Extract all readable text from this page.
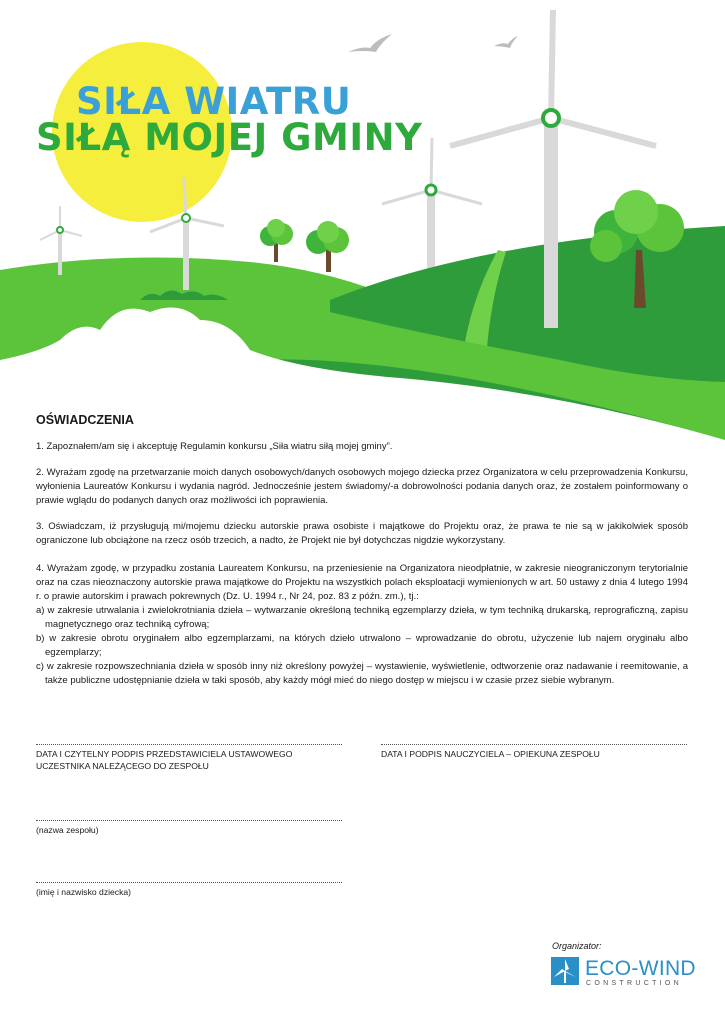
SIŁA WIATRU
SIŁĄ MOJEJ GMINY
OŚWIADCZENIA

1. Zapoznałem/am się i akceptuję Regulamin konkursu „Siła wiatru siłą mojej gminy”.

2. Wyrażam zgodę na przetwarzanie moich danych osobowych/danych osobowych mojego dziecka przez Organizatora w celu przeprowadzenia Konkursu, wyłonienia Laureatów Konkursu i wydania nagród. Jednocześnie jestem świadomy/-a dobrowolności podania danych oraz, że zostałem poinformowany o prawie wglądu do podanych danych oraz możliwości ich poprawienia.

3. Oświadczam, iż przysługują mi/mojemu dziecku autorskie prawa osobiste i majątkowe do Projektu oraz, że prawa te nie są w jakikolwiek sposób ograniczone lub obciążone na rzecz osób trzecich, a nadto, że Projekt nie był dotychczas nigdzie wykorzystany.

4. Wyrażam zgodę, w przypadku zostania Laureatem Konkursu, na przeniesienie na Organizatora nieodpłatnie, w zakresie nieograniczonym terytorialnie oraz na czas nieoznaczony autorskie prawa majątkowe do Projektu na wszystkich polach eksploatacji wymienionych w art. 50 ustawy z dnia 4 lutego 1994 r. o prawie autorskim i prawach pokrewnych (Dz. U. 1994 r., Nr 24, poz. 83 z późn. zm.), tj.:

a) w zakresie utrwalania i zwielokrotniania dzieła – wytwarzanie określoną techniką egzemplarzy dzieła, w tym techniką drukarską, reprograficzną, zapisu magnetycznego oraz techniką cyfrową;
b) w zakresie obrotu oryginałem albo egzemplarzami, na których dzieło utrwalono – wprowadzanie do obrotu, użyczenie lub najem oryginału albo egzemplarzy;
c) w zakresie rozpowszechniania dzieła w sposób inny niż określony powyżej – wystawienie, wyświetlenie, odtworzenie oraz nadawanie i reemitowanie, a także publiczne udostępnianie dzieła w taki sposób, aby każdy mógł mieć do niego dostęp w miejscu i w czasie przez siebie wybranym.

DATA I CZYTELNY PODPIS PRZEDSTAWICIELA USTAWOWEGO UCZESTNIKA NALEŻĄCEGO DO ZESPOŁU

DATA I PODPIS NAUCZYCIELA – OPIEKUNA ZESPOŁU

(nazwa zespołu)

(imię i nazwisko dziecka)

Organizator:

ECO-WIND

CONSTRUCTION
